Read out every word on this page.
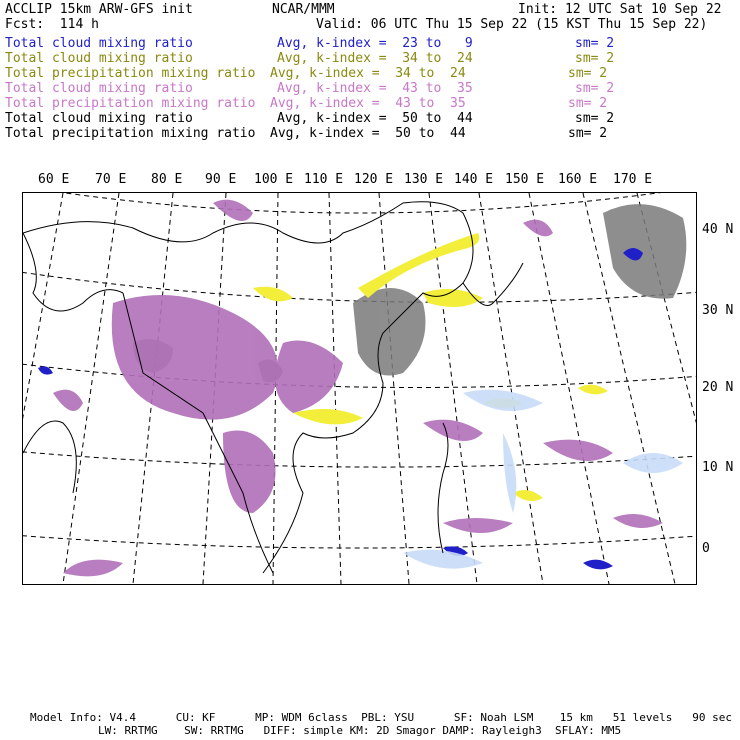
ACCLIP 15km ARW-GFS init	NCAR/MMM	Init: 12 UTC Sat 10 Sep 22
Fcst:  114 h	Valid: 06 UTC Thu 15 Sep 22 (15 KST Thu 15 Sep 22)
Total cloud mixing ratio	Avg, k-index =  23 to   9	sm= 2
Total cloud mixing ratio	Avg, k-index =  34 to  24	sm= 2
Total precipitation mixing ratio Avg, k-index =  34 to  24	sm= 2
Total cloud mixing ratio	Avg, k-index =  43 to  35	sm= 2
Total precipitation mixing ratio Avg, k-index =  43 to  35	sm= 2
Total cloud mixing ratio	Avg, k-index =  50 to  44	sm= 2
Total precipitation mixing ratio Avg, k-index =  50 to  44	sm= 2
60 E 70 E 80 E 90 E 100 E 110 E 120 E 130 E 140 E 150 E 160 E 170 E
40 N
30 N
20 N
10 N
0
Model Info: V4.4      CU: KF      MP: WDM 6class  PBL: YSU      SF: Noah LSM    15 km   51 levels   90 sec
LW: RRTMG    SW: RRTMG   DIFF: simple KM: 2D Smagor DAMP: Rayleigh3  SFLAY: MM5
